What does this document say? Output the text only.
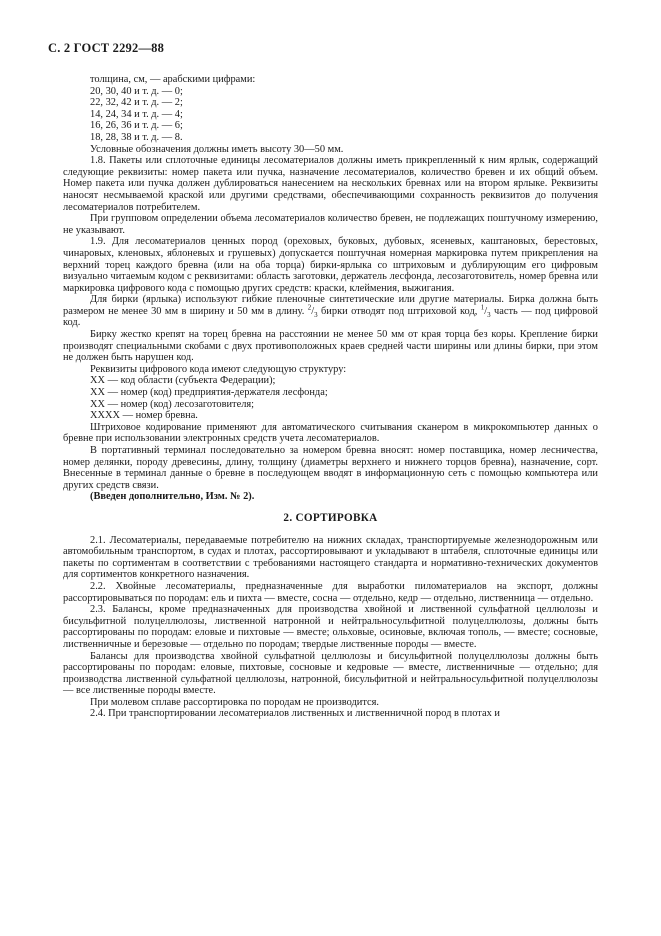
С. 2 ГОСТ 2292—88

толщина, см, — арабскими цифрами:

20, 30, 40 и т. д. — 0;

22, 32, 42 и т. д. — 2;

14, 24, 34 и т. д. — 4;

16, 26, 36 и т. д. — 6;

18, 28, 38 и т. д. — 8.

Условные обозначения должны иметь высоту 30—50 мм.

1.8. Пакеты или сплоточные единицы лесоматериалов должны иметь прикрепленный к ним ярлык, содержащий следующие реквизиты: номер пакета или пучка, назначение лесоматериалов, количество бревен и их общий объем. Номер пакета или пучка должен дублироваться нанесением на нескольких бревнах или на втором ярлыке. Реквизиты наносят несмываемой краской или другими средствами, обеспечивающими сохранность реквизитов до получения лесоматериалов потребителем.

При групповом определении объема лесоматериалов количество бревен, не подлежащих поштучному измерению, не указывают.

1.9. Для лесоматериалов ценных пород (ореховых, буковых, дубовых, ясеневых, каштановых, берестовых, чинаровых, кленовых, яблоневых и грушевых) допускается поштучная номерная маркировка путем прикрепления на верхний торец каждого бревна (или на оба торца) бирки-ярлыка со штриховым и дублирующим его цифровым визуально читаемым кодом с реквизитами: область заготовки, держатель лесфонда, лесозаготовитель, номер бревна или маркировка цифрового кода с помощью других средств: краски, клеймения, выжигания.

Для бирки (ярлыка) используют гибкие пленочные синтетические или другие материалы. Бирка должна быть размером не менее 30 мм в ширину и 50 мм в длину. $^2/_3$ бирки отводят под штриховой код, $^1/_3$ часть — под цифровой код.

Бирку жестко крепят на торец бревна на расстоянии не менее 50 мм от края торца без коры. Крепление бирки производят специальными скобами с двух противоположных краев средней части ширины или длины бирки, при этом не должен быть нарушен код.

Реквизиты цифрового кода имеют следующую структуру:

XX — код области (субъекта Федерации);

XX — номер (код) предприятия-держателя лесфонда;

XX — номер (код) лесозаготовителя;

XXXX — номер бревна.

Штриховое кодирование применяют для автоматического считывания сканером в микрокомпьютер данных о бревне при использовании электронных средств учета лесоматериалов.

В портативный терминал последовательно за номером бревна вносят: номер поставщика, номер лесничества, номер делянки, породу древесины, длину, толщину (диаметры верхнего и нижнего торцов бревна), назначение, сорт. Внесенные в терминал данные о бревне в последующем вводят в информационную сеть с помощью компьютера или других средств связи.

(Введен дополнительно, Изм. № 2).

2. СОРТИРОВКА

2.1. Лесоматериалы, передаваемые потребителю на нижних складах, транспортируемые железнодорожным или автомобильным транспортом, в судах и плотах, рассортировывают и укладывают в штабеля, сплоточные единицы или пакеты по сортиментам в соответствии с требованиями настоящего стандарта и нормативно-технических документов для сортиментов конкретного назначения.

2.2. Хвойные лесоматериалы, предназначенные для выработки пиломатериалов на экспорт, должны рассортировываться по породам: ель и пихта — вместе, сосна — отдельно, кедр — отдельно, лиственница — отдельно.

2.3. Балансы, кроме предназначенных для производства хвойной и лиственной сульфатной целлюлозы и бисульфитной полуцеллюлозы, лиственной натронной и нейтральносульфитной полуцеллюлозы, должны быть рассортированы по породам: еловые и пихтовые — вместе; ольховые, осиновые, включая тополь, — вместе; сосновые, лиственничные и березовые — отдельно по породам; твердые лиственные породы — вместе.

Балансы для производства хвойной сульфатной целлюлозы и бисульфитной полуцеллюлозы должны быть рассортированы по породам: еловые, пихтовые, сосновые и кедровые — вместе, лиственничные — отдельно; для производства лиственной сульфатной целлюлозы, натронной, бисульфитной и нейтральносульфитной полуцеллюлозы — все лиственные породы вместе.

При молевом сплаве рассортировка по породам не производится.

2.4. При транспортировании лесоматериалов лиственных и лиственничной пород в плотах и
